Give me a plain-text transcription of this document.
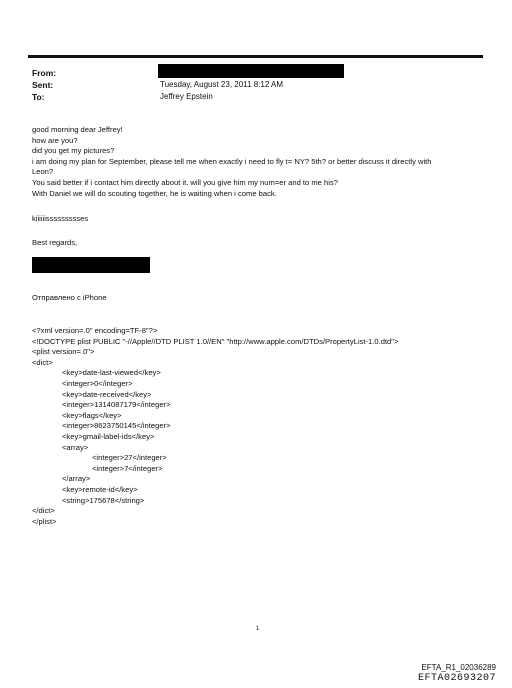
From:
Sent:	Tuesday, August 23, 2011 8:12 AM
To:	Jeffrey Epstein
good morning dear Jeffrey!
how are you?
did you get my pictures?
i am doing my plan for September, please tell me when exactly i need to fly t= NY? 5th? or better discuss it directly with
Leon?
You said better if i contact him directly about it. will you give him my num=er and to me his?
With Daniel we will do scouting together, he is waiting when i come back.
kiiiiiissssssssses
Best regards,
Отправлено с iPhone
<?xml version=.0" encoding=TF-8"?>
<!DOCTYPE plist PUBLIC "-//Apple//DTD PLIST 1.0//EN" "http://www.apple.com/DTDs/PropertyList-1.0.dtd">
<plist version=.0">
<dict>
<key>date-last-viewed</key>
<integer>0</integer>
<key>date-received</key>
<integer>1314087179</integer>
<key>flags</key>
<integer>8623750145</integer>
<key>gmail-label-ids</key>
<array>
<integer>27</integer>
<integer>7</integer>
</array>
<key>remote-id</key>
<string>175678</string>
</dict>
</plist>
1
EFTA_R1_02036289
EFTA02693207
